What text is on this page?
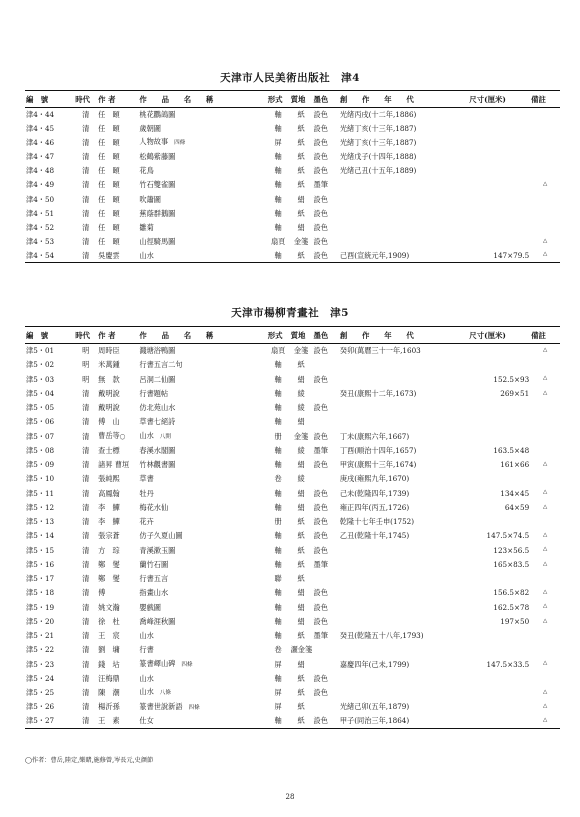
天津市人民美術出版社　津4
編　號	時代	作 者	作　　品　　名　　稱	形式	質地	墨色	創　　作　　年　　代	尺寸(厘米)	備註
津4・44	清	任　頤	桃花鸜鴿圖	軸	紙	設色	光绪丙戌(十二年,1886)		
津4・45	清	任　頤	歲朝圖	軸	紙	設色	光緒丁亥(十三年,1887)		
津4・46	清	任　頤	人物故事 四條	屏	紙	設色	光緒丁亥(十三年,1887)		
津4・47	清	任　頤	松鶴紫藤圖	軸	紙	設色	光绪戊子(十四年,1888)		
津4・48	清	任　頤	花鳥	軸	紙	設色	光绪己丑(十五年,1889)		
津4・49	清	任　頤	竹石雙雀圖	軸	紙	墨筆			△
津4・50	清	任　頤	吹簫圖	軸	絹	設色			
津4・51	清	任　頤	蕉蔭群鵝圖	軸	紙	設色			
津4・52	清	任　頤	雛菊	軸	絹	設色			
津4・53	清	任　頤	山徑騎馬圖	扇頁	金箋	設色			△
津4・54	清	吳慶雲	山水	軸	紙	設色	己酉(宣統元年,1909)	147×79.5	△
天津市楊柳青畫社　津5
編　號	時代	作 者	作　　品　　名　　稱	形式	質地	墨色	創　　作　　年　　代	尺寸(厘米)	備註
津5・01	明	周時臣	濺塘浴鴨圖	扇頁	金箋	設色	癸卯(萬曆三十一年,1603		△
津5・02	明	米萬鍾	行書五言二句	軸	紙				
津5・03	明	無　款	呂洞二仙圖	軸	絹	設色		152.5×93	△
津5・04	清	戴明說	行書題帖	軸	綾		癸丑(康熙十二年,1673)	269×51	△
津5・05	清	戴明說	仿北苑山水	軸	綾	設色			
津5・06	清	傅　山	草書七絕詩	軸	絹				
津5・07	清	曹岳等◯	山水 八開	册	金箋	設色	丁未(康熙六年,1667)		
津5・08	清	查士標	春溪水閣圖	軸	綾	墨筆	丁酉(順治十四年,1657)	163.5×48	
津5・09	清	諸昇 曹垣	竹林觀書圖	軸	絹	設色	甲寅(康熙十三年,1674)	161×66	△
津5・10	清	張純熙	草書	卷	綾		庚戌(雍熙九年,1670)		
津5・11	清	高鳳翰	牡丹	軸	絹	設色	己未(乾隆四年,1739)	134×45	△
津5・12	清	李　鱓	梅花水仙	軸	絹	設色	雍正四年(丙五,1726)	64×59	△
津5・13	清	李　鱓	花卉	册	紙	設色	乾隆十七年壬申(1752)		
津5・14	清	張宗蒼	仿子久夏山圖	軸	紙	設色	乙丑(乾隆十年,1745)	147.5×74.5	△
津5・15	清	方　琮	青溪漱玉圖	軸	紙	設色		123×56.5	△
津5・16	清	鄭　燮	蘭竹石圖	軸	紙	墨筆		165×83.5	△
津5・17	清	鄭　燮	行書五言	聯	紙				
津5・18	清	傅	指畫山水	軸	絹	設色		156.5×82	△
津5・19	清	姚文瀚	嬰戲圖	軸	絹	設色		162.5×78	△
津5・20	清	徐　杜	喬峰涯秋圖	軸	絹	設色		197×50	△
津5・21	清	王　宸	山水	軸	紙	墨筆	癸丑(乾隆五十八年,1793)		
津5・22	清	劉　墉	行書	卷	灑金箋				
津5・23	清	錢　坫	篆書嶧山碑 四條	屏	絹		嘉慶四年(己未,1799)	147.5×33.5	△
津5・24	清	汪梅鼎	山水	軸	紙	設色			
津5・25	清	陳　潮	山水 八條	屏	紙	設色			△
津5・26	清	楊沂孫	篆書世說新語 四條	屏	紙		光緒己卯(五年,1879)		△
津5・27	清	王　素	仕女	軸	紙	設色	甲子(同治三年,1864)		△
◯作者：曹岳,陸定,樂賭,施修曾,岑長元,史颜節
28
